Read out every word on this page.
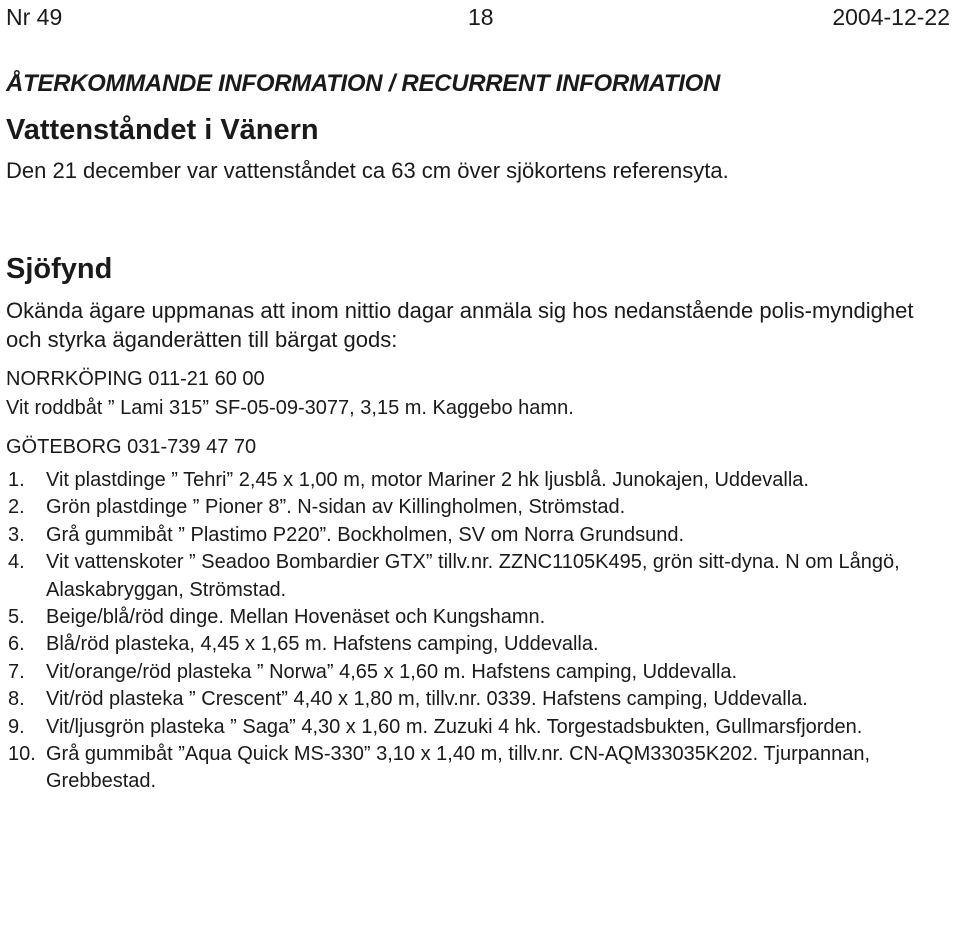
Nr 49	18	2004-12-22
ÅTERKOMMANDE INFORMATION / RECURRENT INFORMATION
Vattenståndet i Vänern
Den 21 december var vattenståndet ca 63 cm över sjökortens referensyta.
Sjöfynd
Okända ägare uppmanas att inom nittio dagar anmäla sig hos nedanstående polis-myndighet och styrka äganderätten till bärgat gods:
NORRKÖPING 011-21 60 00
Vit roddbåt ” Lami 315” SF-05-09-3077, 3,15 m. Kaggebo hamn.
GÖTEBORG 031-739 47 70
1.	Vit plastdinge ” Tehri” 2,45 x 1,00 m, motor Mariner 2 hk ljusblå. Junokajen, Uddevalla.
2.	Grön plastdinge ” Pioner 8”. N-sidan av Killingholmen, Strömstad.
3.	Grå gummibåt ” Plastimo P220”. Bockholmen, SV om Norra Grundsund.
4.	Vit vattenskoter ” Seadoo Bombardier GTX” tillv.nr. ZZNC1105K495, grön sitt-dyna. N om Långö, Alaskabryggan, Strömstad.
5.	Beige/blå/röd dinge. Mellan Hovenäset och Kungshamn.
6.	Blå/röd plasteka, 4,45 x 1,65 m. Hafstens camping, Uddevalla.
7.	Vit/orange/röd plasteka ” Norwa” 4,65 x 1,60 m. Hafstens camping, Uddevalla.
8.	Vit/röd plasteka ” Crescent” 4,40 x 1,80 m, tillv.nr. 0339. Hafstens camping, Uddevalla.
9.	Vit/ljusgrön plasteka ” Saga” 4,30 x 1,60 m. Zuzuki 4 hk. Torgestadsbukten, Gullmarsfjorden.
10. Grå gummibåt ”Aqua Quick MS-330” 3,10 x 1,40 m, tillv.nr. CN-AQM33035K202. Tjurpannan, Grebbestad.
